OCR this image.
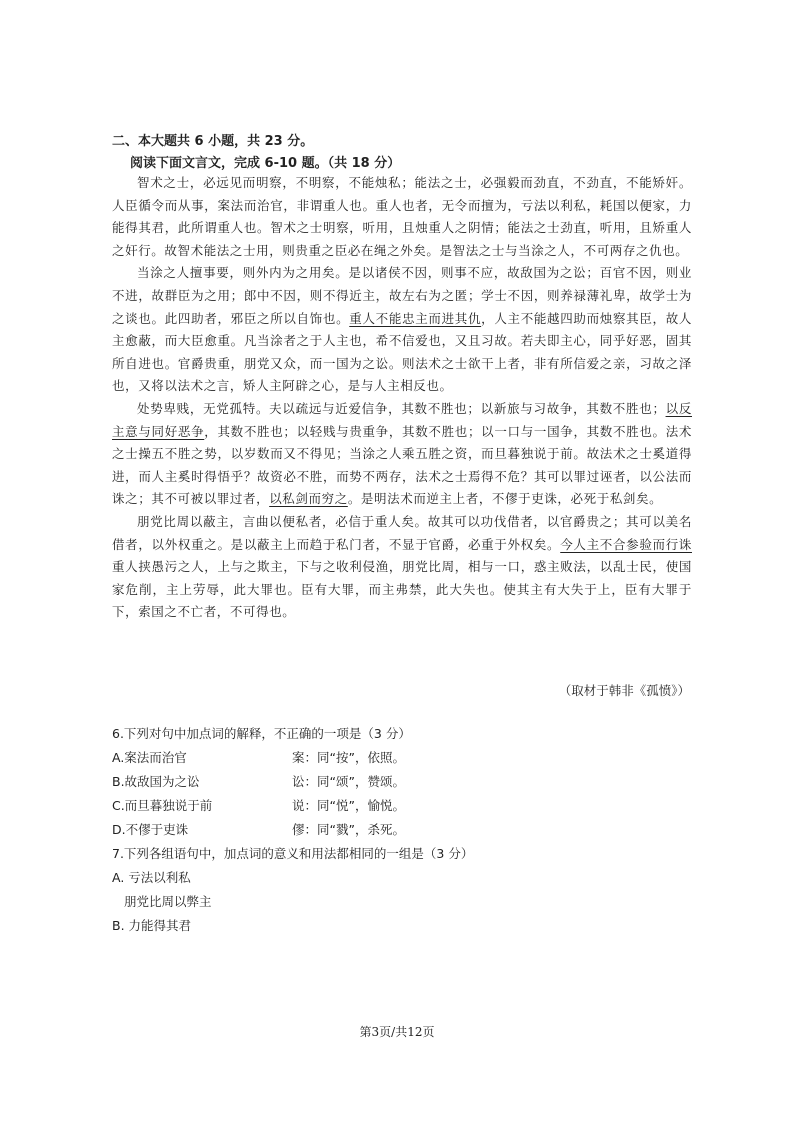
二、本大题共 6 小题，共 23 分。
阅读下面文言文，完成 6-10 题。（共 18 分）

智术之士，必远见而明察，不明察，不能烛私；能法之士，必强毅而劲直，不劲直，不能矫奸。人臣循令而从事，案法而治官，非谓重人也。重人也者，无令而擅为，亏法以利私，耗国以便家，力能得其君，此所谓重人也。智术之士明察，听用，且烛重人之阴情；能法之士劲直，听用，且矫重人之奸行。故智术能法之士用，则贵重之臣必在绳之外矣。是智法之士与当涂之人，不可两存之仇也。

当涂之人擅事要，则外内为之用矣。是以诸侯不因，则事不应，故敌国为之讼；百官不因，则业不进，故群臣为之用；郎中不因，则不得近主，故左右为之匿；学士不因，则养禄薄礼卑，故学士为之谈也。此四助者，邪臣之所以自饰也。重人不能忠主而进其仇，人主不能越四助而烛察其臣，故人主愈蔽，而大臣愈重。凡当涂者之于人主也，希不信爱也，又且习故。若夫即主心，同乎好恶，固其所自进也。官爵贵重，朋党又众，而一国为之讼。则法术之士欲干上者，非有所信爱之亲，习故之泽也，又将以法术之言，矫人主阿辟之心，是与人主相反也。

处势卑贱，无党孤特。夫以疏远与近爱信争，其数不胜也；以新旅与习故争，其数不胜也；以反主意与同好恶争，其数不胜也；以轻贱与贵重争，其数不胜也；以一口与一国争，其数不胜也。法术之士操五不胜之势，以岁数而又不得见；当涂之人乘五胜之资，而旦暮独说于前。故法术之士奚道得进，而人主奚时得悟乎？故资必不胜，而势不两存，法术之士焉得不危？其可以罪过诬者，以公法而诛之；其不可被以罪过者，以私剑而穷之。是明法术而逆主上者，不僇于吏诛，必死于私剑矣。

朋党比周以蔽主，言曲以便私者，必信于重人矣。故其可以功伐借者，以官爵贵之；其可以美名借者，以外权重之。是以蔽主上而趋于私门者，不显于官爵，必重于外权矣。今人主不合参验而行诛重人挟愚污之人，上与之欺主，下与之收利侵渔，朋党比周，相与一口，惑主败法，以乱士民，使国家危削，主上劳辱，此大罪也。臣有大罪，而主弗禁，此大失也。使其主有大失于上，臣有大罪于下，索国之不亡者，不可得也。

（取材于韩非《孤愤》）
6.下列对句中加点词的解释，不正确的一项是（3 分）
A.案法而治官	案：同“按”，依照。
B.故敌国为之讼	讼：同“颂”，赞颂。
C.而旦暮独说于前	说：同“悦”，愉悦。
D.不僇于吏诛	僇：同“戮”，杀死。
7.下列各组语句中，加点词的意义和用法都相同的一组是（3 分）
A. 亏法以利私
朋党比周以弊主
B. 力能得其君
第3页/共12页
